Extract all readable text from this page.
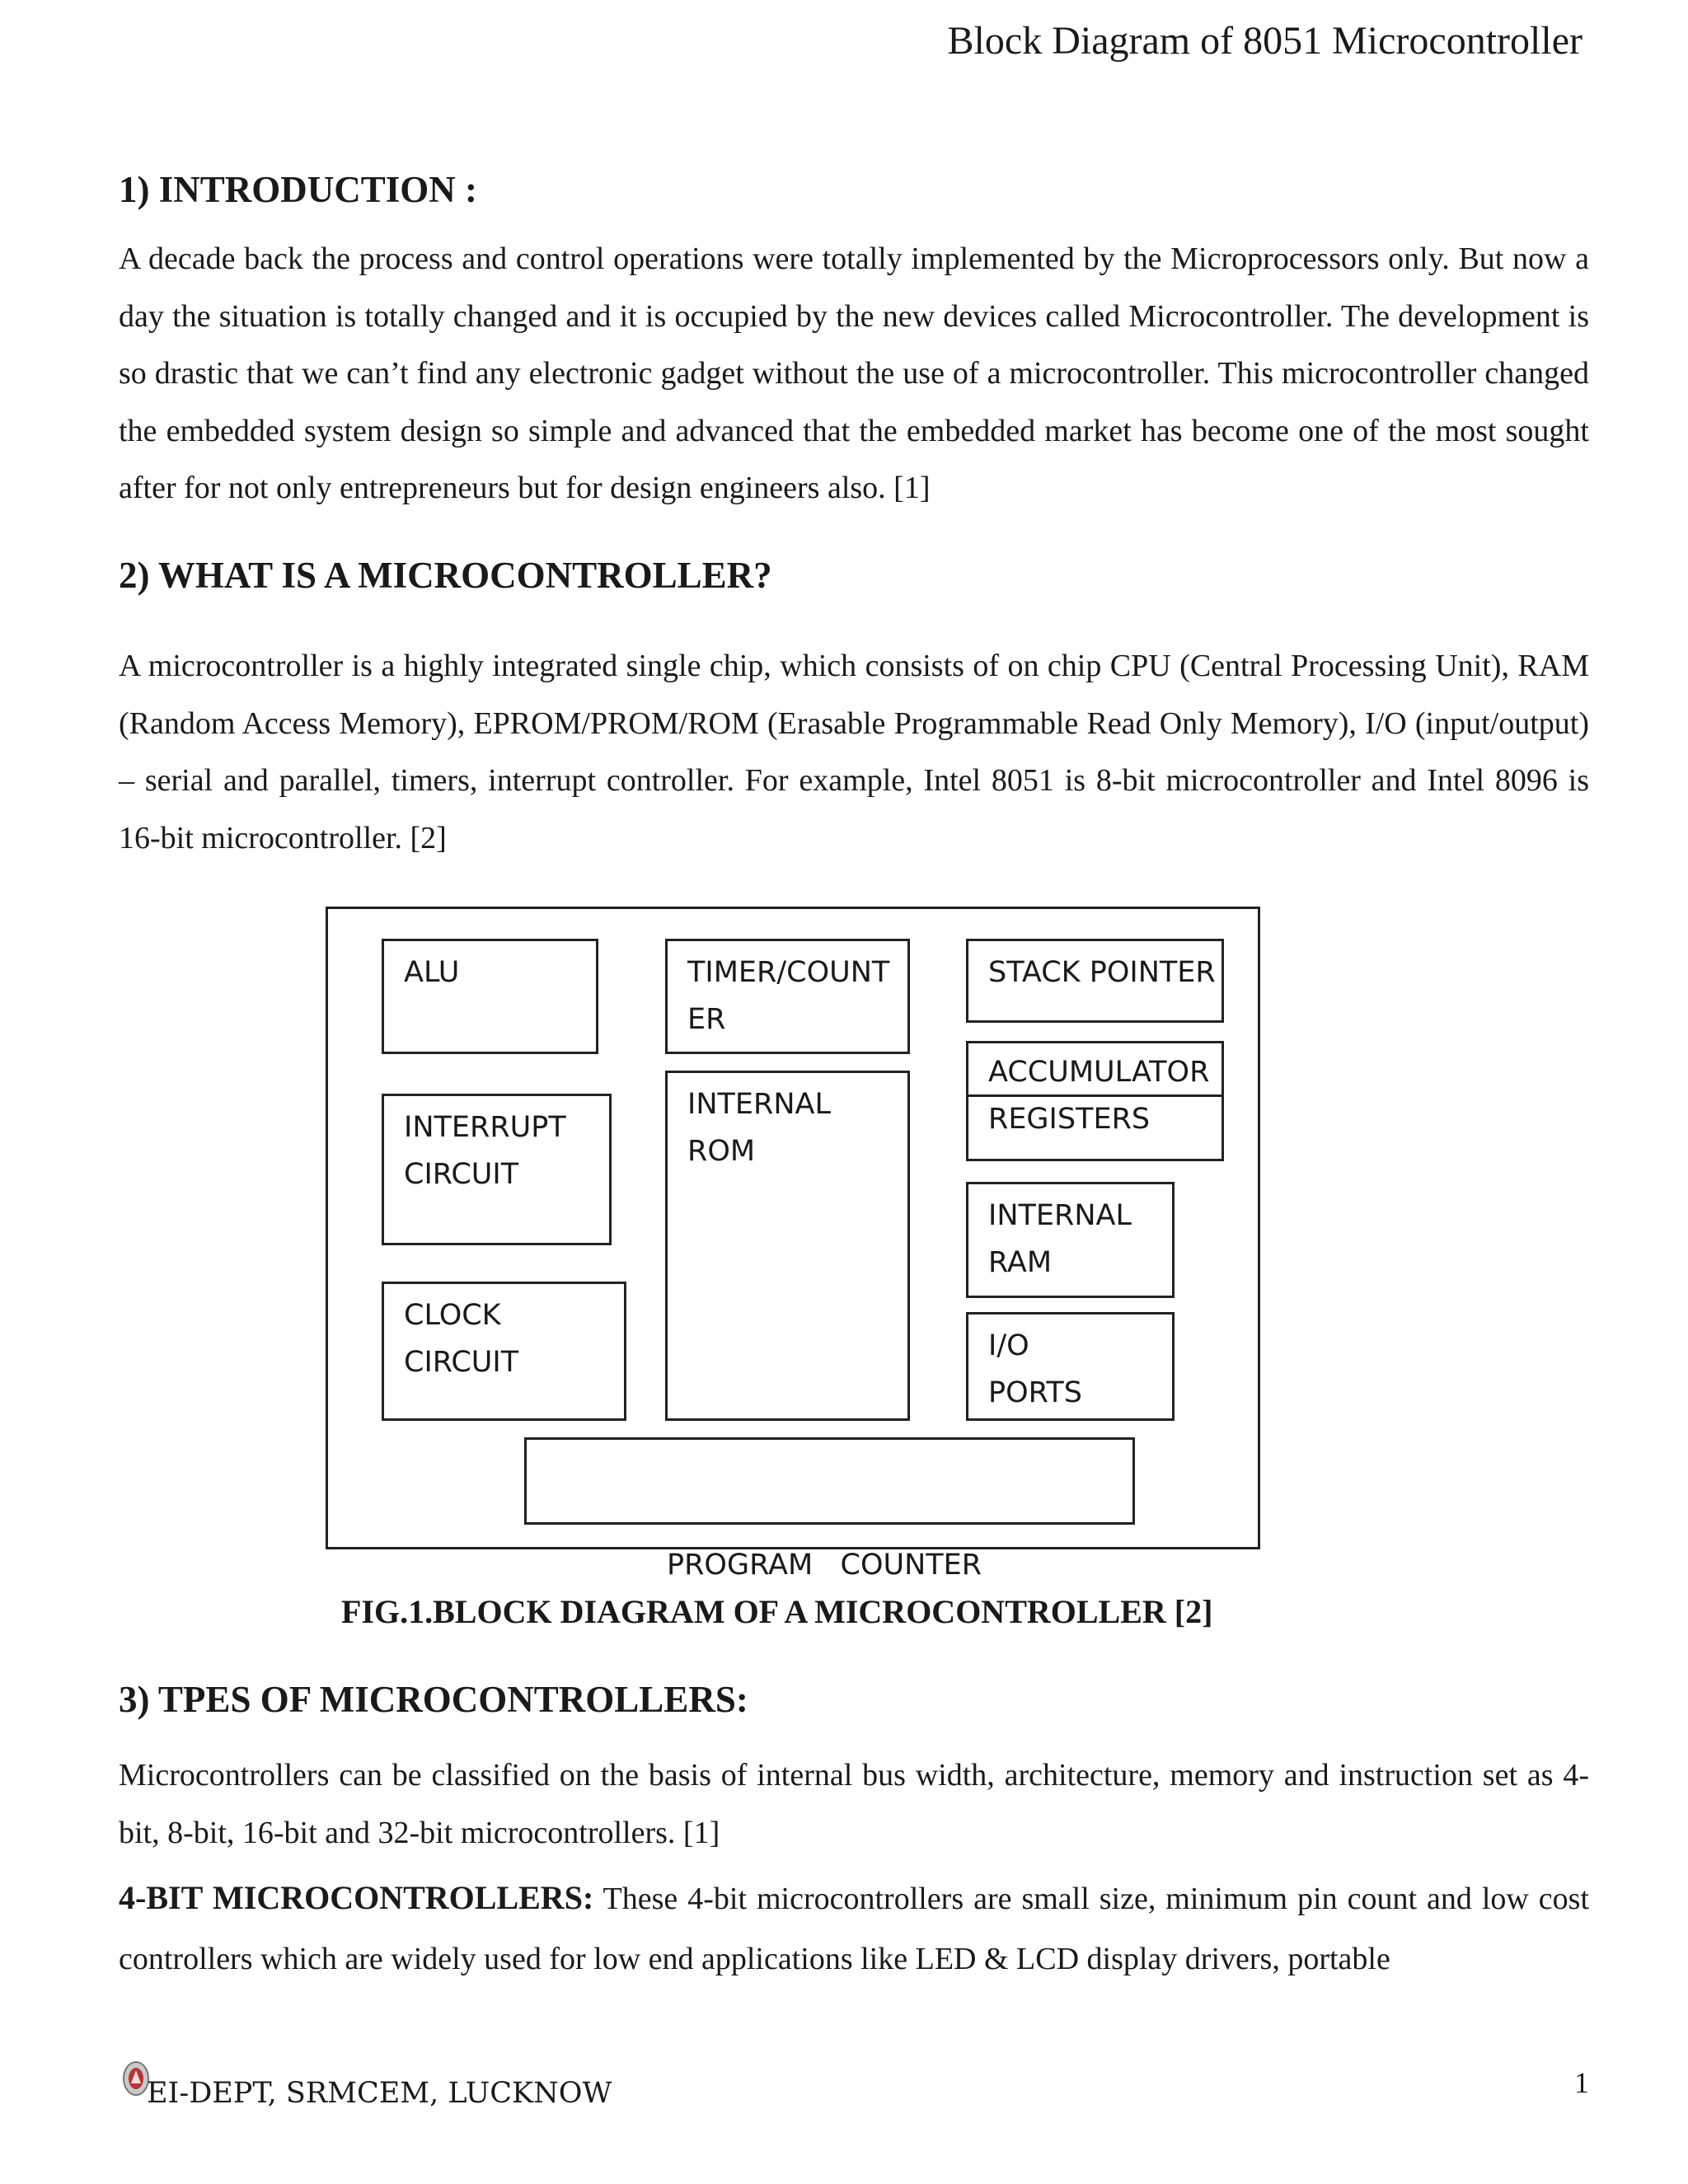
Block Diagram of 8051 Microcontroller
1) INTRODUCTION :

A decade back the process and control operations were totally implemented by the Microprocessors only. But now a day the situation is totally changed and it is occupied by the new devices called Microcontroller. The development is so drastic that we can’t find any electronic gadget without the use of a microcontroller. This microcontroller changed the embedded system design so simple and advanced that the embedded market has become one of the most sought after for not only entrepreneurs but for design engineers also. [1]

2) WHAT IS A MICROCONTROLLER?

A microcontroller is a highly integrated single chip, which consists of on chip CPU (Central Processing Unit), RAM (Random Access Memory), EPROM/PROM/ROM (Erasable Programmable Read Only Memory), I/O (input/output) – serial and parallel, timers, interrupt controller. For example, Intel 8051 is 8-bit microcontroller and Intel 8096 is 16-bit microcontroller. [2]

ALU	TIMER/COUNT
ER
STACK POINTER
ACCUMULATOR
REGISTERS
INTERRUPT
CIRCUIT
INTERNAL
ROM
INTERNAL
RAM
CLOCK
CIRCUIT	I/O
PORTS

PROGRAM   COUNTER

FIG.1.BLOCK DIAGRAM OF A MICROCONTROLLER [2]
3) TPES OF MICROCONTROLLERS:

Microcontrollers can be classified on the basis of internal bus width, architecture, memory and instruction set as 4-bit, 8-bit, 16-bit and 32-bit microcontrollers. [1]

4-BIT MICROCONTROLLERS: These 4-bit microcontrollers are small size, minimum pin count and low cost controllers which are widely used for low end applications like LED & LCD display drivers, portable

EI-DEPT, SRMCEM, LUCKNOW	1
